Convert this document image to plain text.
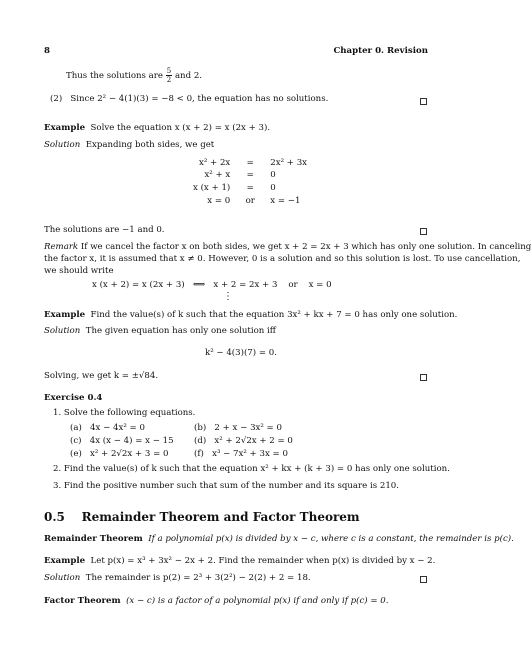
8	Chapter 0. Revision
Thus the solutions are $\frac{5}{2}$ and 2.
(2) Since 2² − 4(1)(3) = −8 < 0, the equation has no solutions.
Example Solve the equation x (x + 2) = x (2x + 3).
Solution Expanding both sides, we get
x² + 2x	=	2x² + 3x
x² + x	=	0
x (x + 1)	=	0
x = 0	or	x = −1
The solutions are −1 and 0.
Remark If we cancel the factor x on both sides, we get x + 2 = 2x + 3 which has only one solution. In canceling
the factor x, it is assumed that x ≠ 0. However, 0 is a solution and so this solution is lost. To use cancellation,
we should write
x (x + 2) = x (2x + 3)   ⟺   x + 2 = 2x + 3    or    x = 0
⋮
Example Find the value(s) of k such that the equation 3x² + kx + 7 = 0 has only one solution.
Solution The given equation has only one solution iff
k² − 4(3)(7) = 0.
Solving, we get k = ±√84.
Exercise 0.4
1. Solve the following equations.
(a) 4x − 4x² = 0	(b) 2 + x − 3x² = 0
(c) 4x (x − 4) = x − 15 (d) x² + 2√2x + 2 = 0
(e) x² + 2√2x + 3 = 0	(f) x³ − 7x² + 3x = 0
2. Find the value(s) of k such that the equation x² + kx + (k + 3) = 0 has only one solution.
3. Find the positive number such that sum of the number and its square is 210.
0.5 Remainder Theorem and Factor Theorem
Remainder Theorem If a polynomial p(x) is divided by x − c, where c is a constant, the remainder is p(c).
Example Let p(x) = x³ + 3x² − 2x + 2. Find the remainder when p(x) is divided by x − 2.
Solution The remainder is p(2) = 2³ + 3(2²) − 2(2) + 2 = 18.
Factor Theorem (x − c) is a factor of a polynomial p(x) if and only if p(c) = 0.
